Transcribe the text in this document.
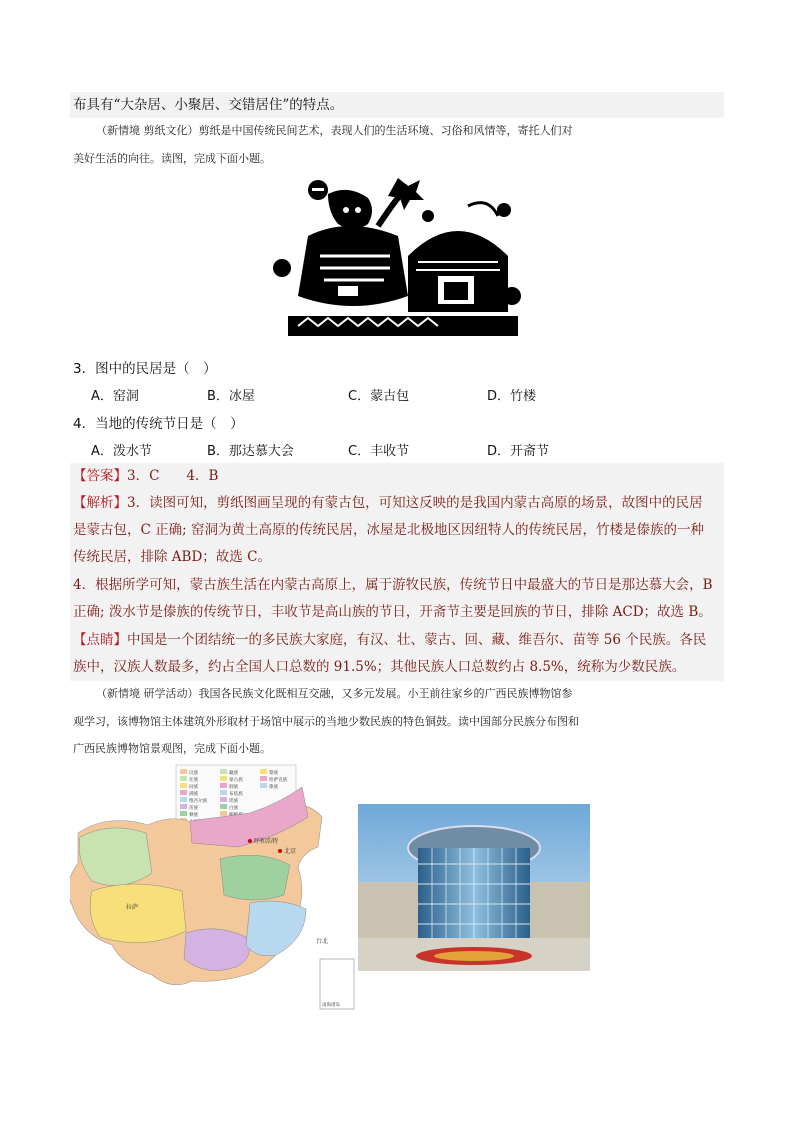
布具有“大杂居、小聚居、交错居住”的特点。
（新情境 剪纸文化）剪纸是中国传统民间艺术，表现人们的生活环境、习俗和风情等，寄托人们对
美好生活的向往。读图，完成下面小题。
3．图中的民居是（　）
A．窑洞	B．冰屋	C．蒙古包	D．竹楼
4．当地的传统节日是（　）
A．泼水节	B．那达慕大会	C．丰收节	D．开斋节
【答案】3．C　　4．B
【解析】3．读图可知，剪纸图画呈现的有蒙古包，可知这反映的是我国内蒙古高原的场景，故图中的民居
是蒙古包，C 正确; 窑洞为黄土高原的传统民居，冰屋是北极地区因纽特人的传统民居，竹楼是傣族的一种
传统民居，排除 ABD；故选 C。
4．根据所学可知，蒙古族生活在内蒙古高原上，属于游牧民族，传统节日中最盛大的节日是那达慕大会，B
正确; 泼水节是傣族的传统节日，丰收节是高山族的节日，开斋节主要是回族的节日，排除 ACD；故选 B。
【点睛】中国是一个团结统一的多民族大家庭，有汉、壮、蒙古、回、藏、维吾尔、苗等 56 个民族。各民
族中，汉族人数最多，约占全国人口总数的 91.5%；其他民族人口总数约占 8.5%，统称为少数民族。
（新情境 研学活动）我国各民族文化既相互交融，又多元发展。小王前往家乡的广西民族博物馆参
观学习，该博物馆主体建筑外形取材于场馆中展示的当地少数民族的特色铜鼓。读中国部分民族分布图和
广西民族博物馆景观图，完成下面小题。
汉族
壮族
回族
满族
维吾尔族
苗族
彝族
藏族
蒙古族
侗族
布依族
瑶族
白族
黎族
哈萨克族
傣族
呼和浩特
北京
拉萨
台北
南海诸岛
